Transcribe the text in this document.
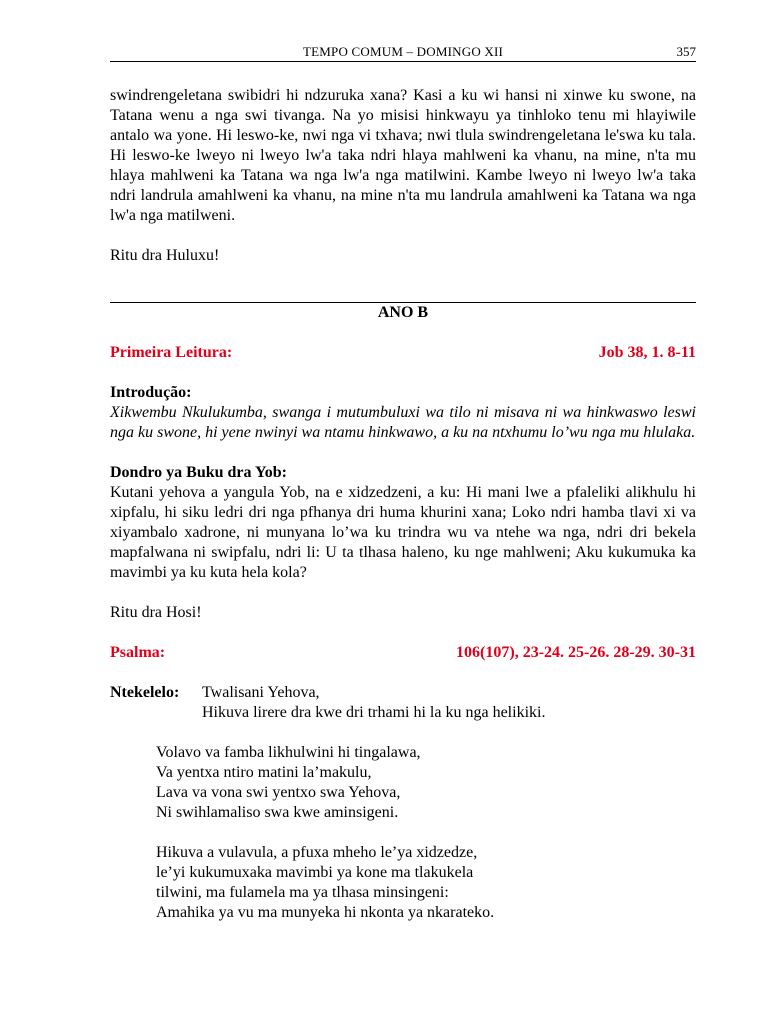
TEMPO COMUM – DOMINGO XII	357

swindrengeletana swibidri hi ndzuruka xana? Kasi a ku wi hansi ni xinwe ku swone, na Tatana wenu a nga swi tivanga. Na yo misisi hinkwayu ya tinhloko tenu mi hlayiwile antalo wa yone. Hi leswo-ke, nwi nga vi txhava; nwi tlula swindrengeletana le'swa ku tala. Hi leswo-ke lweyo ni lweyo lw'a taka ndri hlaya mahlweni ka vhanu, na mine, n'ta mu hlaya mahlweni ka Tatana wa nga lw'a nga matilwini. Kambe lweyo ni lweyo lw'a taka ndri landrula amahlweni ka vhanu, na mine n'ta mu landrula amahlweni ka Tatana wa nga lw'a nga matilweni.

Ritu dra Huluxu!

ANO B

Primeira Leitura:	Job 38, 1. 8-11

Introdução:

Xikwembu Nkulukumba, swanga i mutumbuluxi wa tilo ni misava ni wa hinkwaswo leswi nga ku swone, hi yene nwinyi wa ntamu hinkwawo, a ku na ntxhumu lo’wu nga mu hlulaka.

Dondro ya Buku dra Yob:

Kutani yehova a yangula Yob, na e xidzedzeni, a ku: Hi mani lwe a pfaleliki alikhulu hi xipfalu, hi siku ledri dri nga pfhanya dri huma khurini xana; Loko ndri hamba tlavi xi va xiyambalo xadrone, ni munyana lo’wa ku trindra wu va ntehe wa nga, ndri dri bekela mapfalwana ni swipfalu, ndri li: U ta tlhasa haleno, ku nge mahlweni; Aku kukumuka ka mavimbi ya ku kuta hela kola?

Ritu dra Hosi!

Psalma:	106(107), 23-24. 25-26. 28-29. 30-31
Ntekelelo:	Twalisani Yehova,
Hikuva lirere dra kwe dri trhami hi la ku nga helikiki.

Volavo va famba likhulwini hi tingalawa,

Va yentxa ntiro matini la’makulu,

Lava va vona swi yentxo swa Yehova,

Ni swihlamaliso swa kwe aminsigeni.

Hikuva a vulavula, a pfuxa mheho le’ya xidzedze,

le’yi kukumuxaka mavimbi ya kone ma tlakukela

tilwini, ma fulamela ma ya tlhasa minsingeni:

Amahika ya vu ma munyeka hi nkonta ya nkarateko.
